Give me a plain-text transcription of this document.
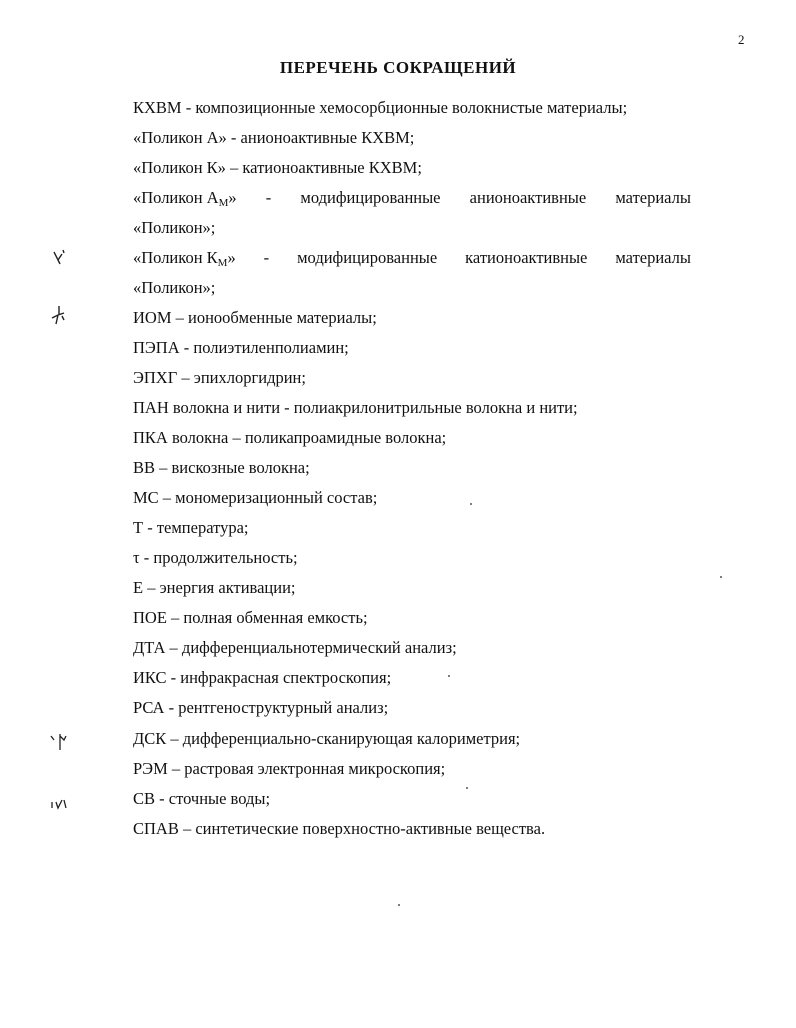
2
ПЕРЕЧЕНЬ СОКРАЩЕНИЙ
КХВМ - композиционные хемосорбционные волокнистые материалы;
«Поликон А» - анионоактивные КХВМ;
«Поликон К» – катионоактивные КХВМ;
«Поликон $А_М$» - модифицированные анионоактивные материалы
«Поликон»;
«Поликон $К_М$» - модифицированные катионоактивные материалы
«Поликон»;
ИОМ – ионообменные материалы;
ПЭПА - полиэтиленполиамин;
ЭПХГ – эпихлоргидрин;
ПАН волокна и нити - полиакрилонитрильные волокна и нити;
ПКА волокна – поликапроамидные волокна;
ВВ – вискозные волокна;
МС – мономеризационный состав;
Т - температура;
τ - продолжительность;
Е – энергия активации;
ПОЕ – полная обменная емкость;
ДТА – дифференциальнотермический анализ;
ИКС - инфракрасная спектроскопия;
РСА - рентгеноструктурный анализ;
ДСК – дифференциально-сканирующая калориметрия;
РЭМ – растровая электронная микроскопия;
СВ - сточные воды;
СПАВ – синтетические поверхностно-активные вещества.
